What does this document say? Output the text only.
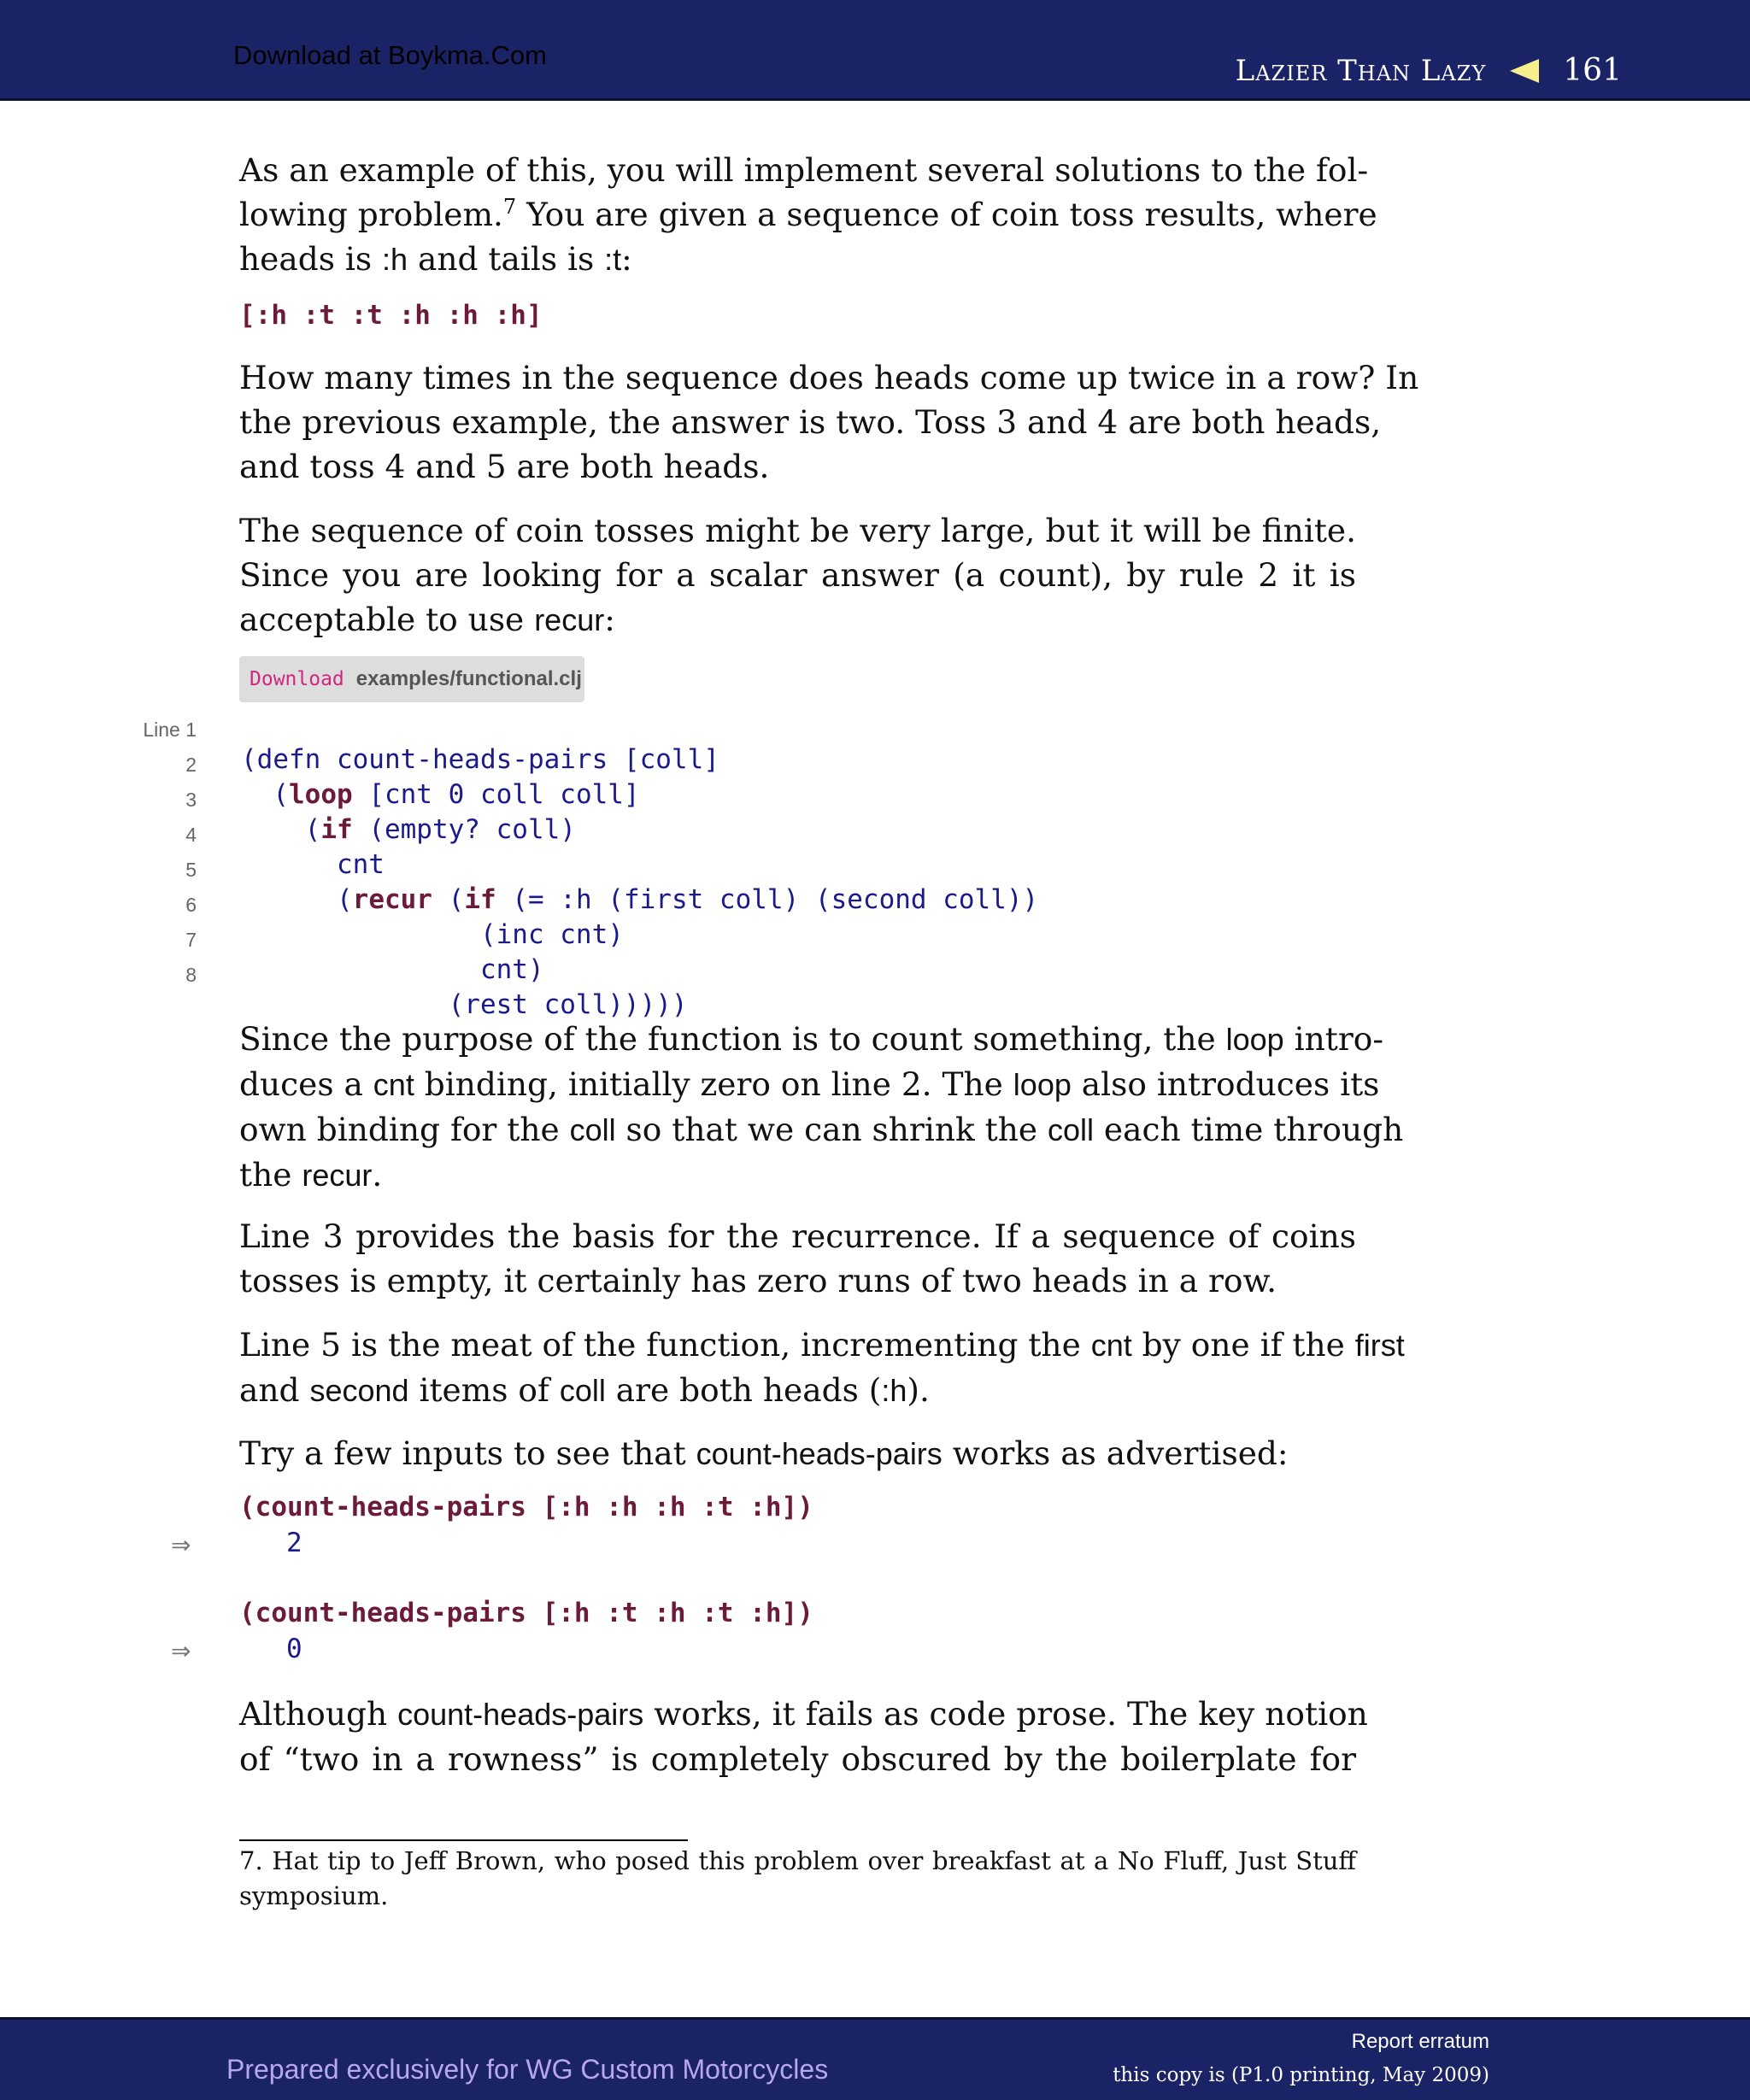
Download at Boykma.Com	Lazier Than Lazy	161
As an example of this, you will implement several solutions to the fol-
lowing problem.$^7$ You are given a sequence of coin toss results, where
heads is :h and tails is :t:
[:h :t :t :h :h :h]
How many times in the sequence does heads come up twice in a row? In
the previous example, the answer is two. Toss 3 and 4 are both heads,
and toss 4 and 5 are both heads.
The sequence of coin tosses might be very large, but it will be finite.
Since you are looking for a scalar answer (a count), by rule 2 it is
acceptable to use recur:
Download examples/functional.clj

Line 1

(defn count-heads-pairs [coll]

2

(loop [cnt 0 coll coll]

3

(if (empty? coll)

4

cnt

5

(recur (if (= :h (first coll) (second coll))

6

(inc cnt)

7

cnt)

8

(rest coll)))))

Since the purpose of the function is to count something, the loop intro-
duces a cnt binding, initially zero on line 2. The loop also introduces its
own binding for the coll so that we can shrink the coll each time through
the recur.
Line 3 provides the basis for the recurrence. If a sequence of coins
tosses is empty, it certainly has zero runs of two heads in a row.
Line 5 is the meat of the function, incrementing the cnt by one if the first
and second items of coll are both heads (:h).
Try a few inputs to see that count-heads-pairs works as advertised:
(count-heads-pairs [:h :h :h :t :h])
⇒	2
(count-heads-pairs [:h :t :h :t :h])
⇒	0
Although count-heads-pairs works, it fails as code prose. The key notion
of “two in a rowness” is completely obscured by the boilerplate for
7. Hat tip to Jeff Brown, who posed this problem over breakfast at a No Fluff, Just Stuff
symposium.
Prepared exclusively for WG Custom Motorcycles
Report erratum
this copy is (P1.0 printing, May 2009)
